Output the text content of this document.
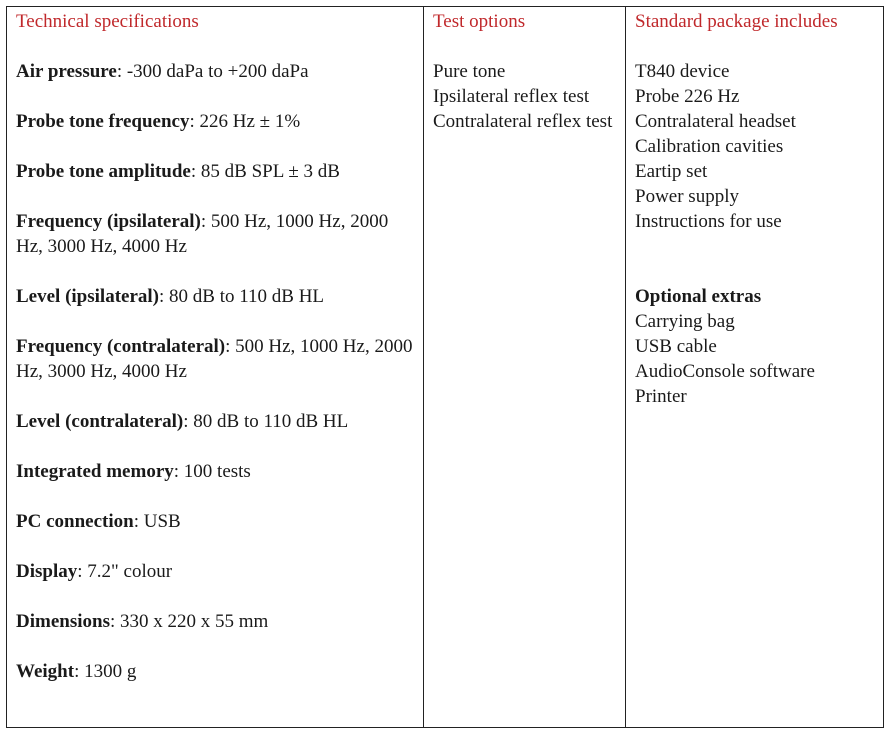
Technical specifications
Air pressure: -300 daPa to +200 daPa
Probe tone frequency: 226 Hz ± 1%
Probe tone amplitude: 85 dB SPL ± 3 dB
Frequency (ipsilateral): 500 Hz, 1000 Hz, 2000 Hz, 3000 Hz, 4000 Hz
Level (ipsilateral): 80 dB to 110 dB HL
Frequency (contralateral): 500 Hz, 1000 Hz, 2000 Hz, 3000 Hz, 4000 Hz
Level (contralateral): 80 dB to 110 dB HL
Integrated memory: 100 tests
PC connection: USB
Display: 7.2" colour
Dimensions: 330 x 220 x 55 mm
Weight: 1300 g
Test options
Pure tone
Ipsilateral reflex test
Contralateral reflex test
Standard package includes
T840 device
Probe 226 Hz
Contralateral headset
Calibration cavities
Eartip set
Power supply
Instructions for use
Optional extras
Carrying bag
USB cable
AudioConsole software
Printer
